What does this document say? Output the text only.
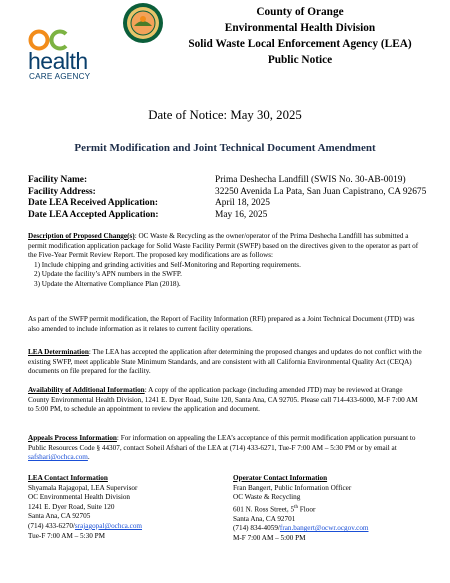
health
CARE AGENCY
County of Orange
Environmental Health Division
Solid Waste Local Enforcement Agency (LEA)
Public Notice
Date of Notice: May 30, 2025
Permit Modification and Joint Technical Document Amendment
Facility Name:	Prima Deshecha Landfill (SWIS No. 30-AB-0019)
Facility Address:	32250 Avenida La Pata, San Juan Capistrano, CA 92675
Date LEA Received Application:	April 18, 2025
Date LEA Accepted Application:	May 16, 2025
Description of Proposed Change(s): OC Waste & Recycling as the owner/operator of the Prima Deshecha Landfill has submitted a permit modification application package for Solid Waste Facility Permit (SWFP) based on the directives given to the operator as part of the Five-Year Permit Review Report. The proposed key modifications are as follows:
1) Include chipping and grinding activities and Self-Monitoring and Reporting requirements.
2) Update the facility’s APN numbers in the SWFP.
3) Update the Alternative Compliance Plan (2018).
As part of the SWFP permit modification, the Report of Facility Information (RFI) prepared as a Joint Technical Document (JTD) was also amended to include information as it relates to current facility operations.
LEA Determination: The LEA has accepted the application after determining the proposed changes and updates do not conflict with the existing SWFP, meet applicable State Minimum Standards, and are consistent with all California Environmental Quality Act (CEQA) documents on file prepared for the facility.
Availability of Additional Information: A copy of the application package (including amended JTD) may be reviewed at Orange County Environmental Health Division, 1241 E. Dyer Road, Suite 120, Santa Ana, CA 92705. Please call 714-433-6000, M-F 7:00 AM to 5:00 PM, to schedule an appointment to review the application and document.
Appeals Process Information: For information on appealing the LEA’s acceptance of this permit modification application pursuant to Public Resources Code § 44307, contact Soheil Afshari of the LEA at (714) 433-6271, Tue-F 7:00 AM – 5:30 PM or by email at safshari@ochca.com.
LEA Contact Information
Shyamala Rajagopal, LEA Supervisor
OC Environmental Health Division
1241 E. Dyer Road, Suite 120
Santa Ana, CA 92705
(714) 433-6270/srajagopal@ochca.com
Tue-F 7:00 AM – 5:30 PM
Operator Contact Information
Fran Bangert, Public Information Officer
OC Waste & Recycling
601 N. Ross Street, 5th Floor
Santa Ana, CA 92701
(714) 834-4059/fran.bangert@ocwr.ocgov.com
M-F 7:00 AM – 5:00 PM
